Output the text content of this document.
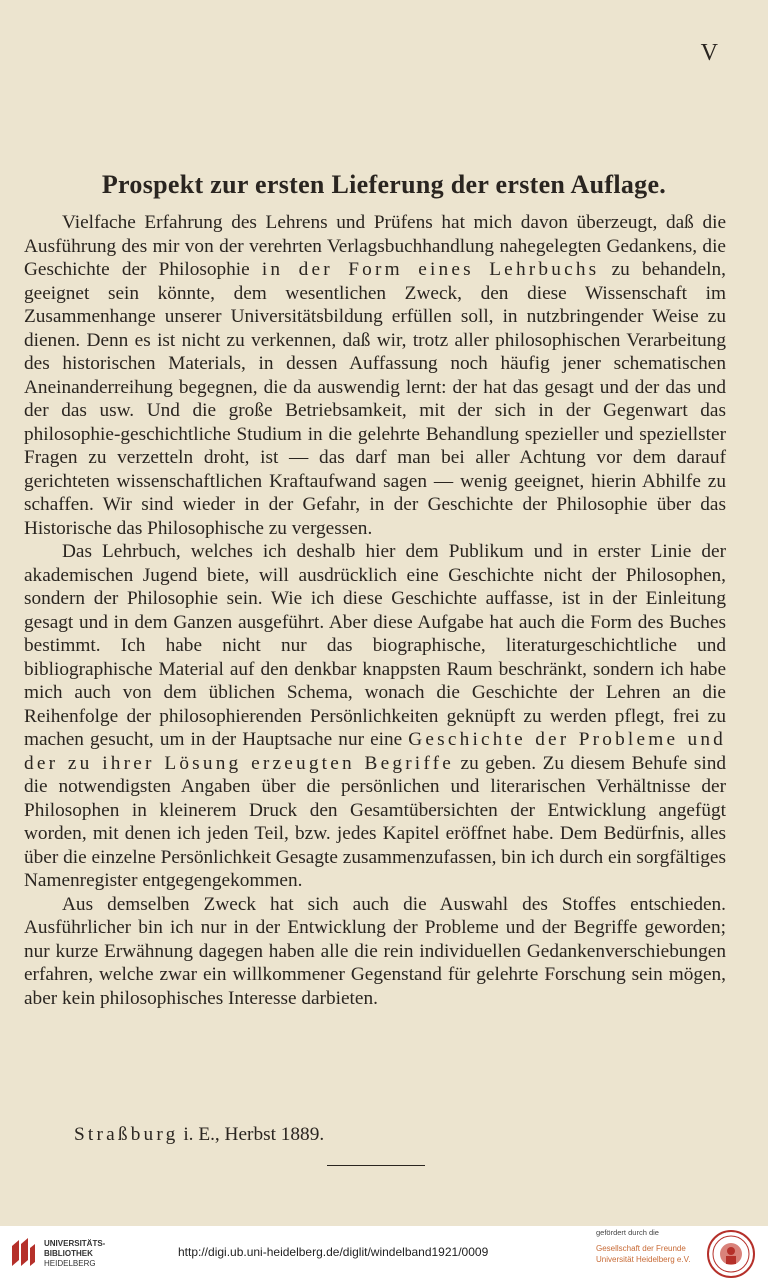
V
Prospekt zur ersten Lieferung der ersten Auflage.

Vielfache Erfahrung des Lehrens und Prüfens hat mich davon überzeugt, daß die Ausführung des mir von der verehrten Verlagsbuchhandlung nahegelegten Gedankens, die Geschichte der Philosophie in der Form eines Lehrbuchs zu behandeln, geeignet sein könnte, dem wesentlichen Zweck, den diese Wissenschaft im Zusammenhange unserer Universitätsbildung erfüllen soll, in nutzbringender Weise zu dienen. Denn es ist nicht zu verkennen, daß wir, trotz aller philosophischen Verarbeitung des historischen Materials, in dessen Auffassung noch häufig jener schematischen Aneinanderreihung begegnen, die da auswendig lernt: der hat das gesagt und der das und der das usw. Und die große Betriebsamkeit, mit der sich in der Gegenwart das philosophie-geschichtliche Studium in die gelehrte Behandlung spezieller und speziellster Fragen zu verzetteln droht, ist — das darf man bei aller Achtung vor dem darauf gerichteten wissenschaftlichen Kraftaufwand sagen — wenig geeignet, hierin Abhilfe zu schaffen. Wir sind wieder in der Gefahr, in der Geschichte der Philosophie über das Historische das Philosophische zu vergessen.

Das Lehrbuch, welches ich deshalb hier dem Publikum und in erster Linie der akademischen Jugend biete, will ausdrücklich eine Geschichte nicht der Philosophen, sondern der Philosophie sein. Wie ich diese Geschichte auffasse, ist in der Einleitung gesagt und in dem Ganzen ausgeführt. Aber diese Aufgabe hat auch die Form des Buches bestimmt. Ich habe nicht nur das biographische, literaturgeschichtliche und bibliographische Material auf den denkbar knappsten Raum beschränkt, sondern ich habe mich auch von dem üblichen Schema, wonach die Geschichte der Lehren an die Reihenfolge der philosophierenden Persönlichkeiten geknüpft zu werden pflegt, frei zu machen gesucht, um in der Hauptsache nur eine Geschichte der Probleme und der zu ihrer Lösung erzeugten Begriffe zu geben. Zu diesem Behufe sind die notwendigsten Angaben über die persönlichen und literarischen Verhältnisse der Philosophen in kleinerem Druck den Gesamtübersichten der Entwicklung angefügt worden, mit denen ich jeden Teil, bzw. jedes Kapitel eröffnet habe. Dem Bedürfnis, alles über die einzelne Persönlichkeit Gesagte zusammenzufassen, bin ich durch ein sorgfältiges Namenregister entgegengekommen.

Aus demselben Zweck hat sich auch die Auswahl des Stoffes entschieden. Ausführlicher bin ich nur in der Entwicklung der Probleme und der Begriffe geworden; nur kurze Erwähnung dagegen haben alle die rein individuellen Gedankenverschiebungen erfahren, welche zwar ein willkommener Gegenstand für gelehrte Forschung sein mögen, aber kein philosophisches Interesse darbieten.

Straßburg i. E., Herbst 1889.
UNIVERSITÄTS-
BIBLIOTHEK
HEIDELBERG
http://digi.ub.uni-heidelberg.de/diglit/windelband1921/0009
gefördert durch die
Gesellschaft der Freunde
Universität Heidelberg e.V.
